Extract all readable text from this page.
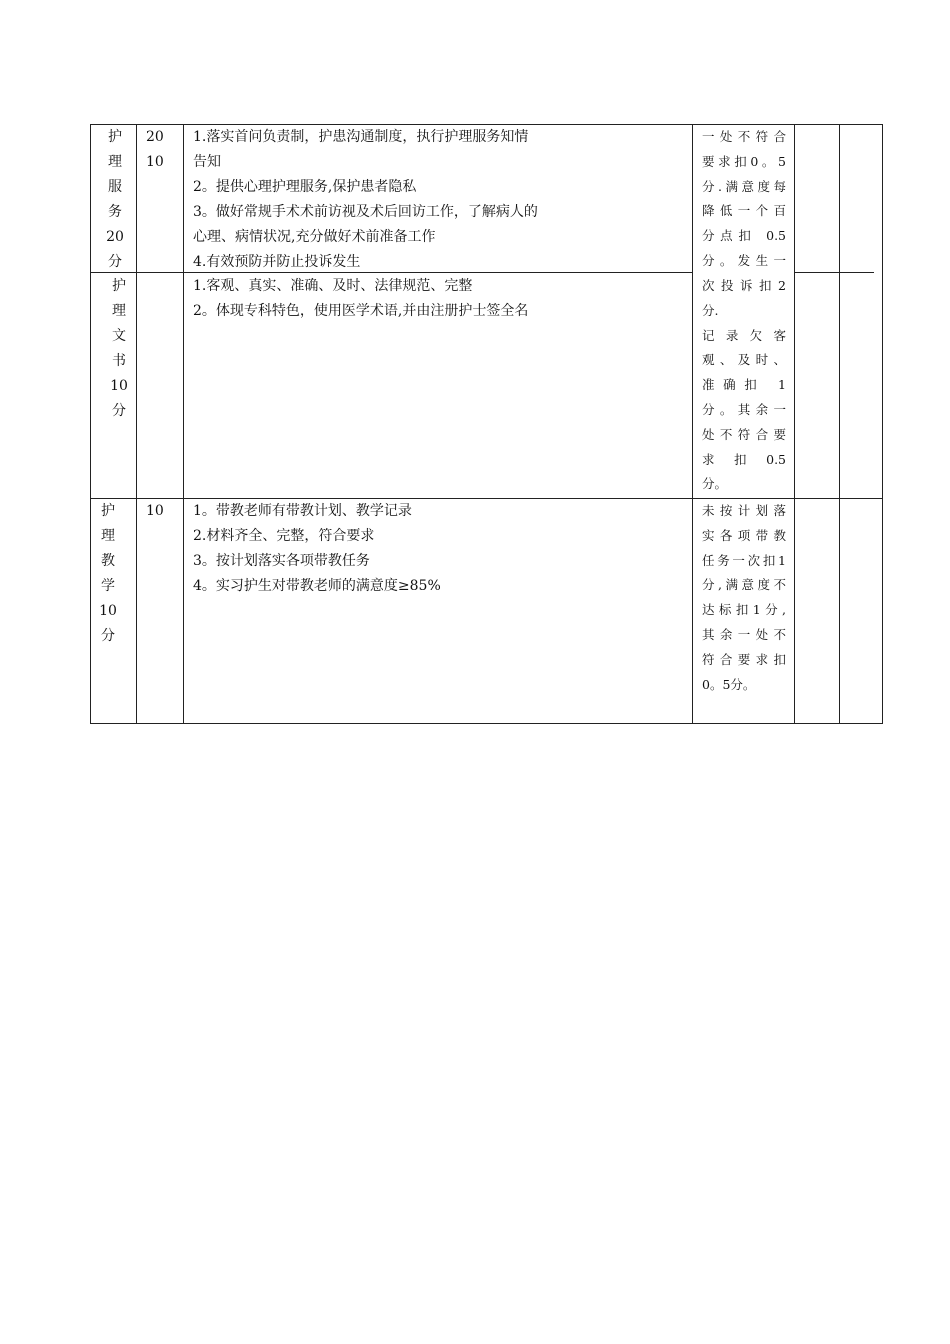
护
理
服
务
20
分
20
10
1.落实首问负责制，护患沟通制度，执行护理服务知情
告知
2。提供心理护理服务,保护患者隐私
3。做好常规手术术前访视及术后回访工作，了解病人的
心理、病情状况,充分做好术前准备工作
4.有效预防并防止投诉发生
一处不符合
要求扣0。5
分.满意度每
降低一个百
分点扣 0.5
分。发生一
护
理
文
书
10
分
1.客观、真实、准确、及时、法律规范、完整
2。体现专科特色，使用医学术语,并由注册护士签全名
次投诉扣2
分.
记录欠客
观、及时、
准确扣 1
分。其余一
处不符合要
求 扣 0.5
分。
护
理
教
学
10
分
10	1。带教老师有带教计划、教学记录
2.材料齐全、完整，符合要求
3。按计划落实各项带教任务
4。实习护生对带教老师的满意度≥85%
未按计划落
实各项带教
任务一次扣1
分,满意度不
达标扣1分,
其余一处不
符合要求扣
0。5分。
